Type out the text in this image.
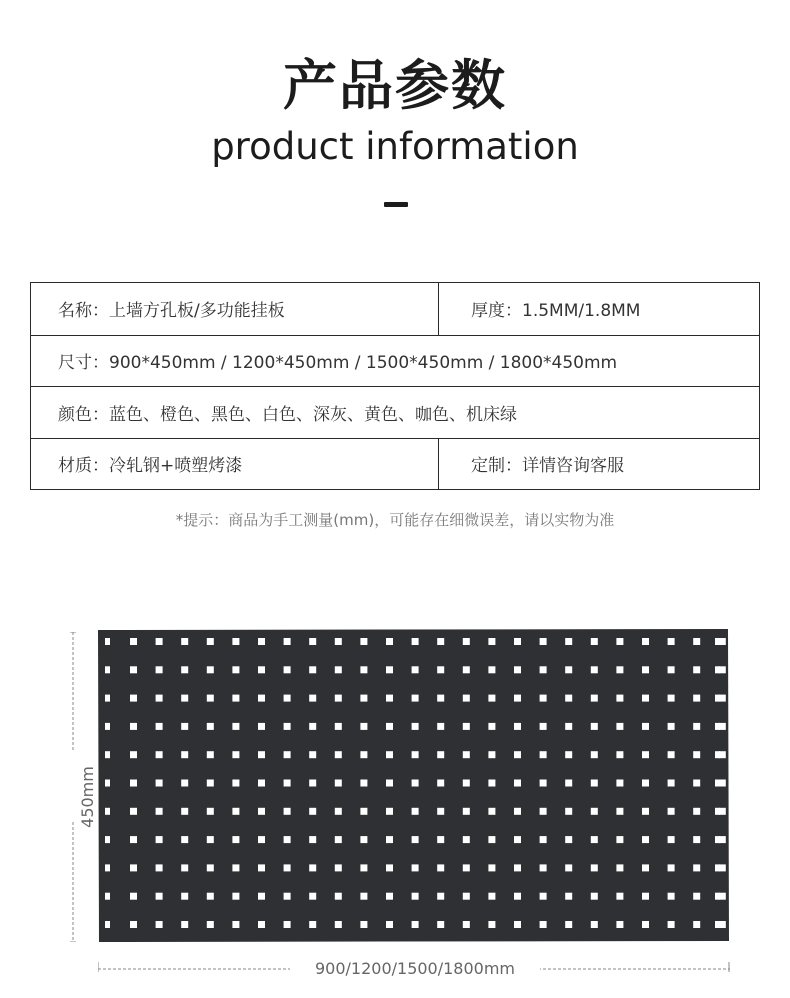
产品参数
product information
名称：上墙方孔板/多功能挂板	厚度：1.5MM/1.8MM
尺寸：900*450mm / 1200*450mm / 1500*450mm / 1800*450mm
颜色：蓝色、橙色、黑色、白色、深灰、黄色、咖色、机床绿
材质：冷轧钢+喷塑烤漆	定制：详情咨询客服
*提示：商品为手工测量(mm)，可能存在细微误差，请以实物为准
450mm
900/1200/1500/1800mm
